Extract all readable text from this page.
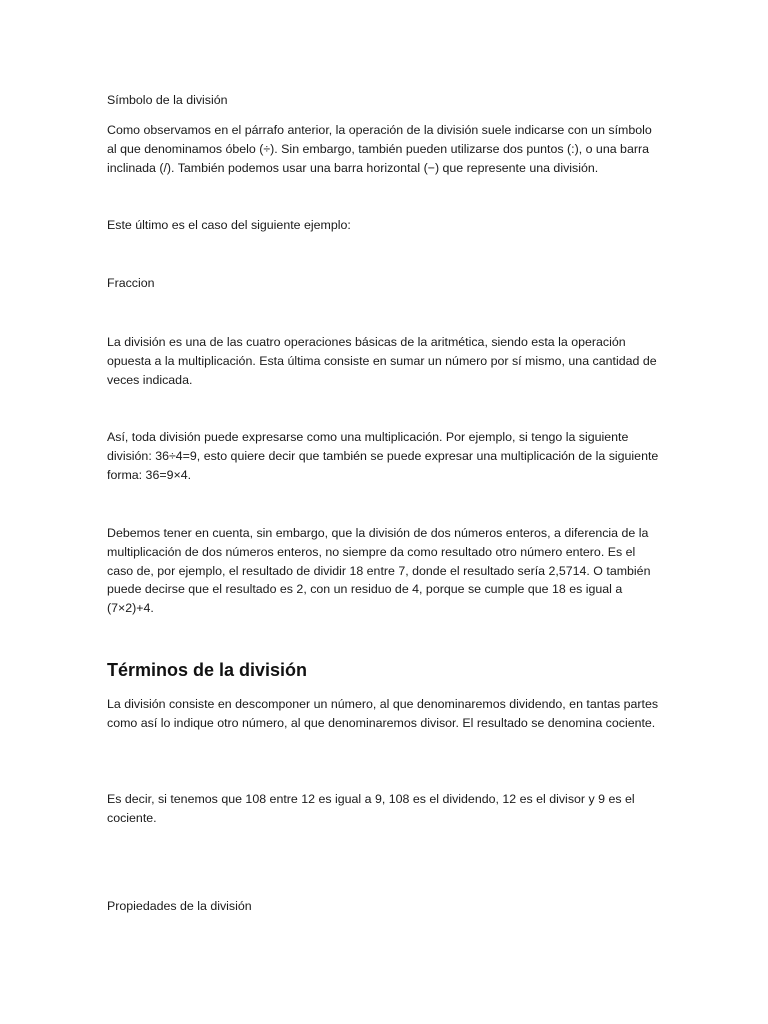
Símbolo de la división

Como observamos en el párrafo anterior, la operación de la división suele indicarse con un símbolo al que denominamos óbelo (÷). Sin embargo, también pueden utilizarse dos puntos (:), o una barra inclinada (/). También podemos usar una barra horizontal (−) que represente una división.

Este último es el caso del siguiente ejemplo:

Fraccion

La división es una de las cuatro operaciones básicas de la aritmética, siendo esta la operación opuesta a la multiplicación. Esta última consiste en sumar un número por sí mismo, una cantidad de veces indicada.

Así, toda división puede expresarse como una multiplicación. Por ejemplo, si tengo la siguiente división: 36÷4=9, esto quiere decir que también se puede expresar una multiplicación de la siguiente forma: 36=9×4.

Debemos tener en cuenta, sin embargo, que la división de dos números enteros, a diferencia de la multiplicación de dos números enteros, no siempre da como resultado otro número entero. Es el caso de, por ejemplo, el resultado de dividir 18 entre 7, donde el resultado sería 2,5714. O también puede decirse que el resultado es 2, con un residuo de 4, porque se cumple que 18 es igual a (7×2)+4.

Términos de la división

La división consiste en descomponer un número, al que denominaremos dividendo, en tantas partes como así lo indique otro número, al que denominaremos divisor. El resultado se denomina cociente.

Es decir, si tenemos que 108 entre 12 es igual a 9, 108 es el dividendo, 12 es el divisor y 9 es el cociente.

Propiedades de la división
